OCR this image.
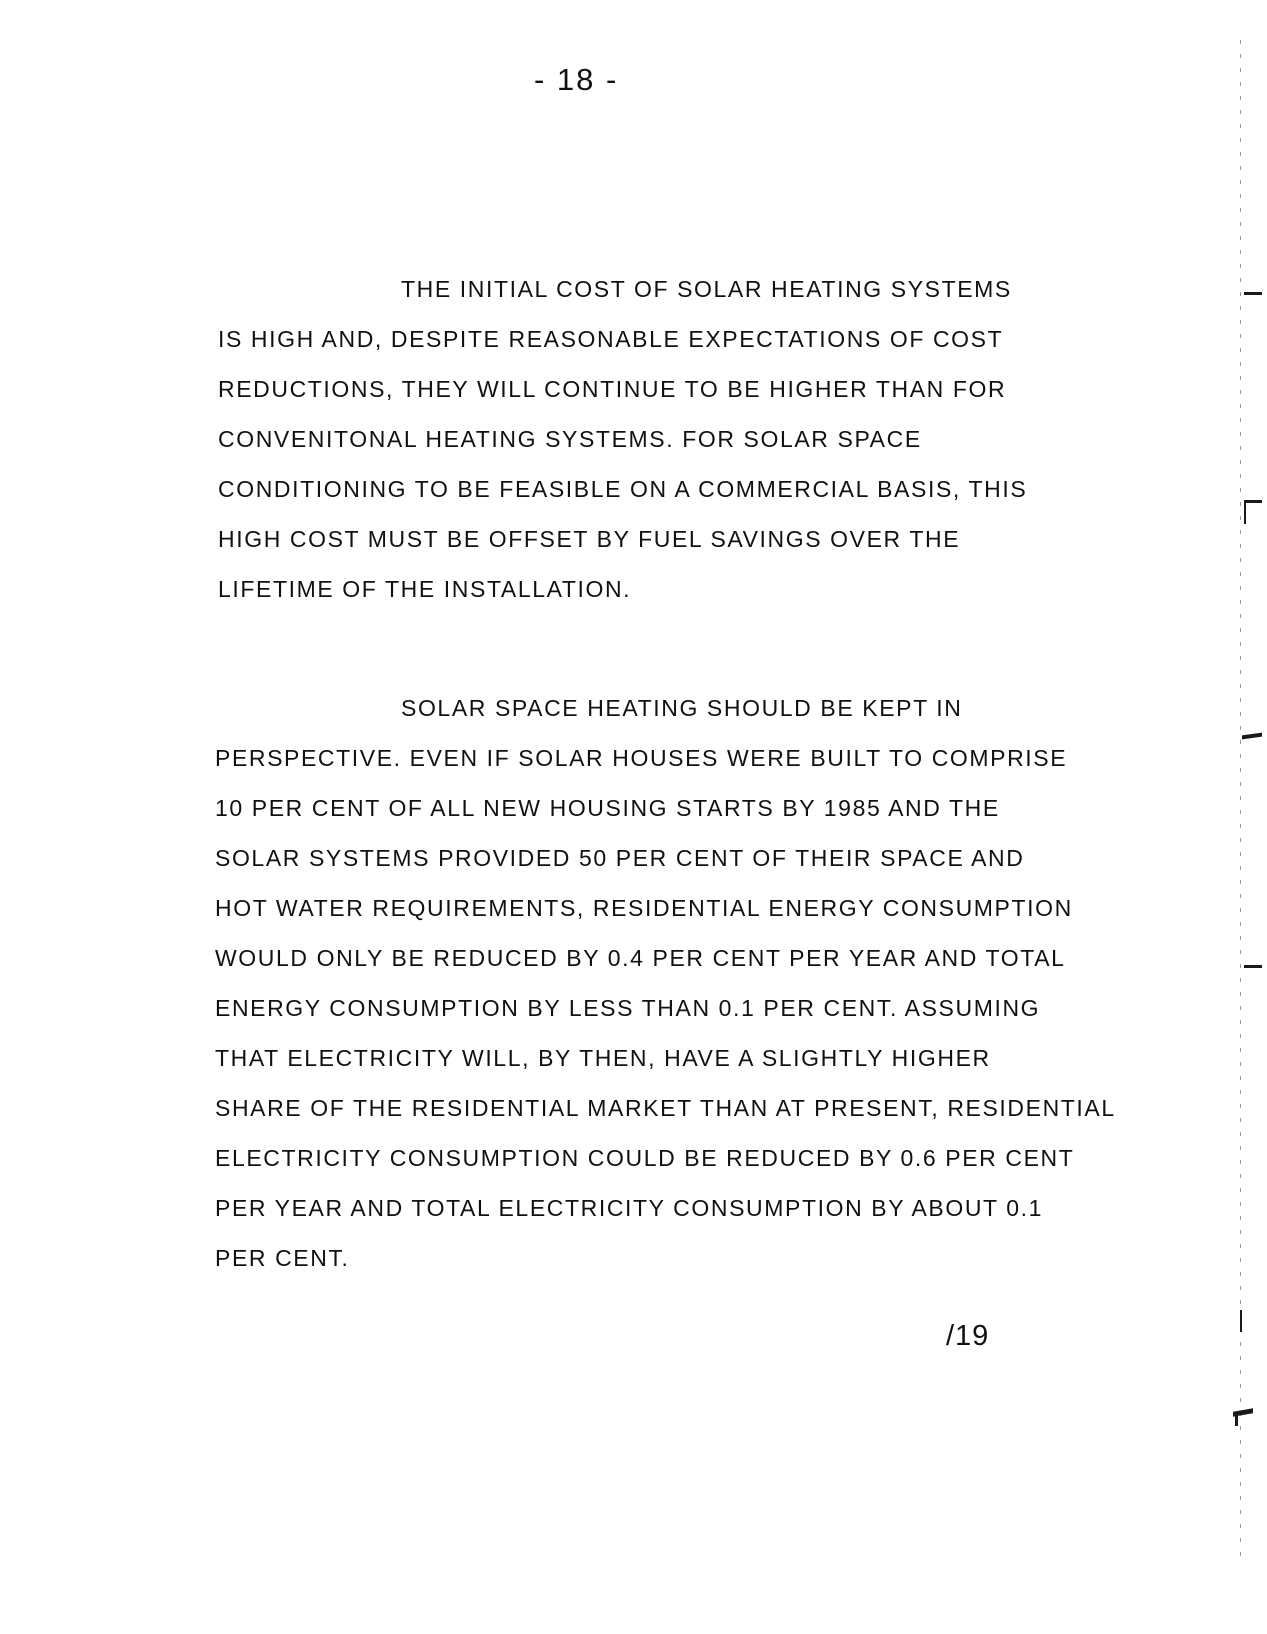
- 18 -
THE INITIAL COST OF SOLAR HEATING SYSTEMS
IS HIGH AND, DESPITE REASONABLE EXPECTATIONS OF COST
REDUCTIONS, THEY WILL CONTINUE TO BE HIGHER THAN FOR
CONVENITONAL HEATING SYSTEMS. FOR SOLAR SPACE
CONDITIONING TO BE FEASIBLE ON A COMMERCIAL BASIS, THIS
HIGH COST MUST BE OFFSET BY FUEL SAVINGS OVER THE
LIFETIME OF THE INSTALLATION.
SOLAR SPACE HEATING SHOULD BE KEPT IN
PERSPECTIVE. EVEN IF SOLAR HOUSES WERE BUILT TO COMPRISE
10 PER CENT OF ALL NEW HOUSING STARTS BY 1985 AND THE
SOLAR SYSTEMS PROVIDED 50 PER CENT OF THEIR SPACE AND
HOT WATER REQUIREMENTS, RESIDENTIAL ENERGY CONSUMPTION
WOULD ONLY BE REDUCED BY 0.4 PER CENT PER YEAR AND TOTAL
ENERGY CONSUMPTION BY LESS THAN 0.1 PER CENT. ASSUMING
THAT ELECTRICITY WILL, BY THEN, HAVE A SLIGHTLY HIGHER
SHARE OF THE RESIDENTIAL MARKET THAN AT PRESENT, RESIDENTIAL
ELECTRICITY CONSUMPTION COULD BE REDUCED BY 0.6 PER CENT
PER YEAR AND TOTAL ELECTRICITY CONSUMPTION BY ABOUT 0.1
PER CENT.
/19
